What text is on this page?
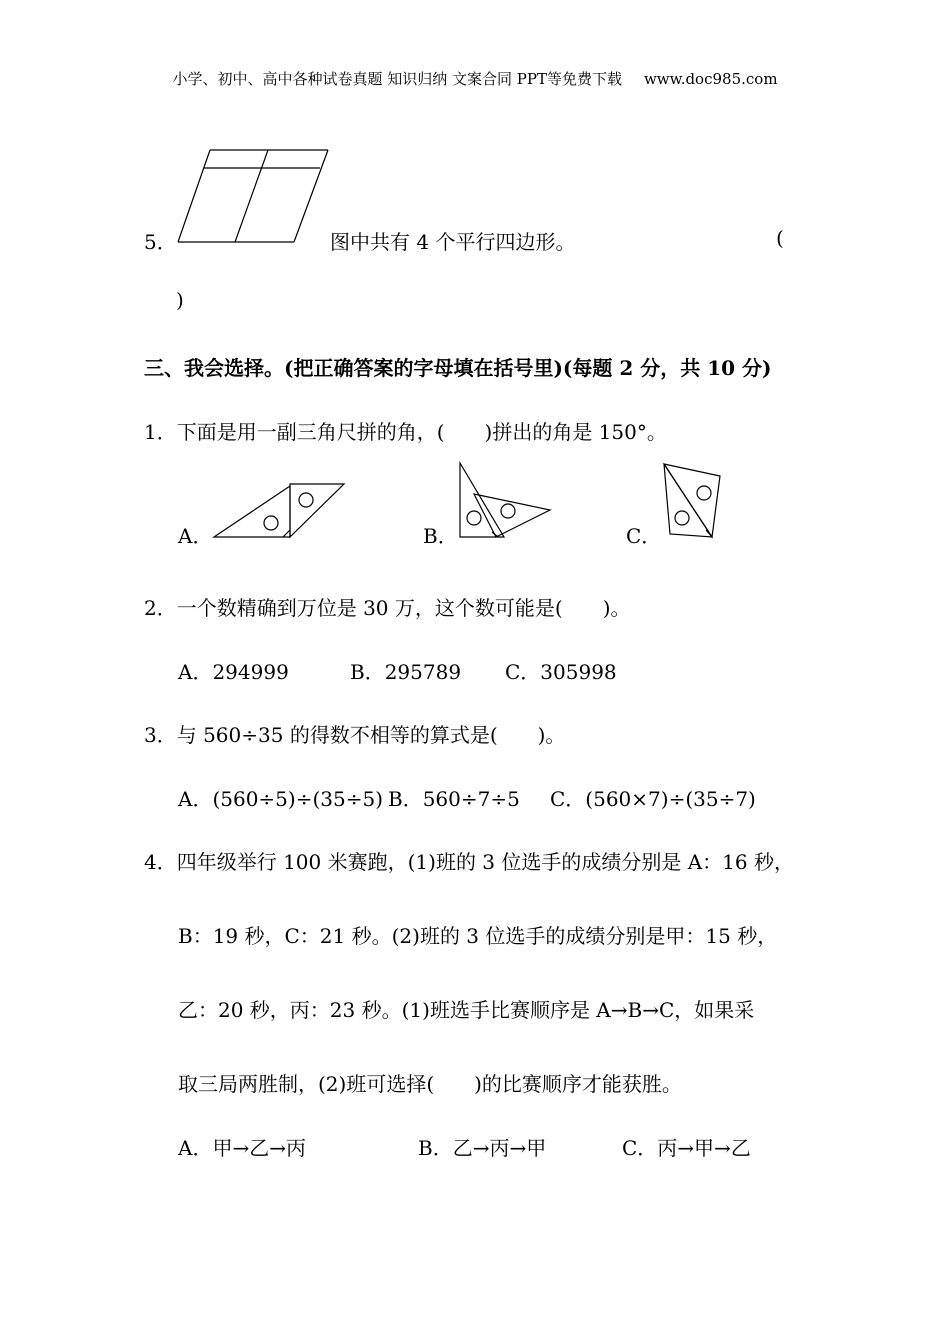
小学、初中、高中各种试卷真题 知识归纳 文案合同 PPT等免费下载 www.doc985.com
5．	图中共有 4 个平行四边形。	(
)
三、我会选择。(把正确答案的字母填在括号里)(每题 2 分，共 10 分)
1．下面是用一副三角尺拼的角，(　　)拼出的角是 150°。
A．	B．	C．
2．一个数精确到万位是 30 万，这个数可能是(　　)。
A．294999	B．295789 C．305998
3．与 560÷35 的得数不相等的算式是(　　)。
A．(560÷5)÷(35÷5) B．560÷7÷5 C．(560×7)÷(35÷7)
4．四年级举行 100 米赛跑，(1)班的 3 位选手的成绩分别是 A：16 秒，
B：19 秒，C：21 秒。(2)班的 3 位选手的成绩分别是甲：15 秒，
乙：20 秒，丙：23 秒。(1)班选手比赛顺序是 A→B→C，如果采
取三局两胜制，(2)班可选择(　　)的比赛顺序才能获胜。
A．甲→乙→丙	B．乙→丙→甲	C．丙→甲→乙
